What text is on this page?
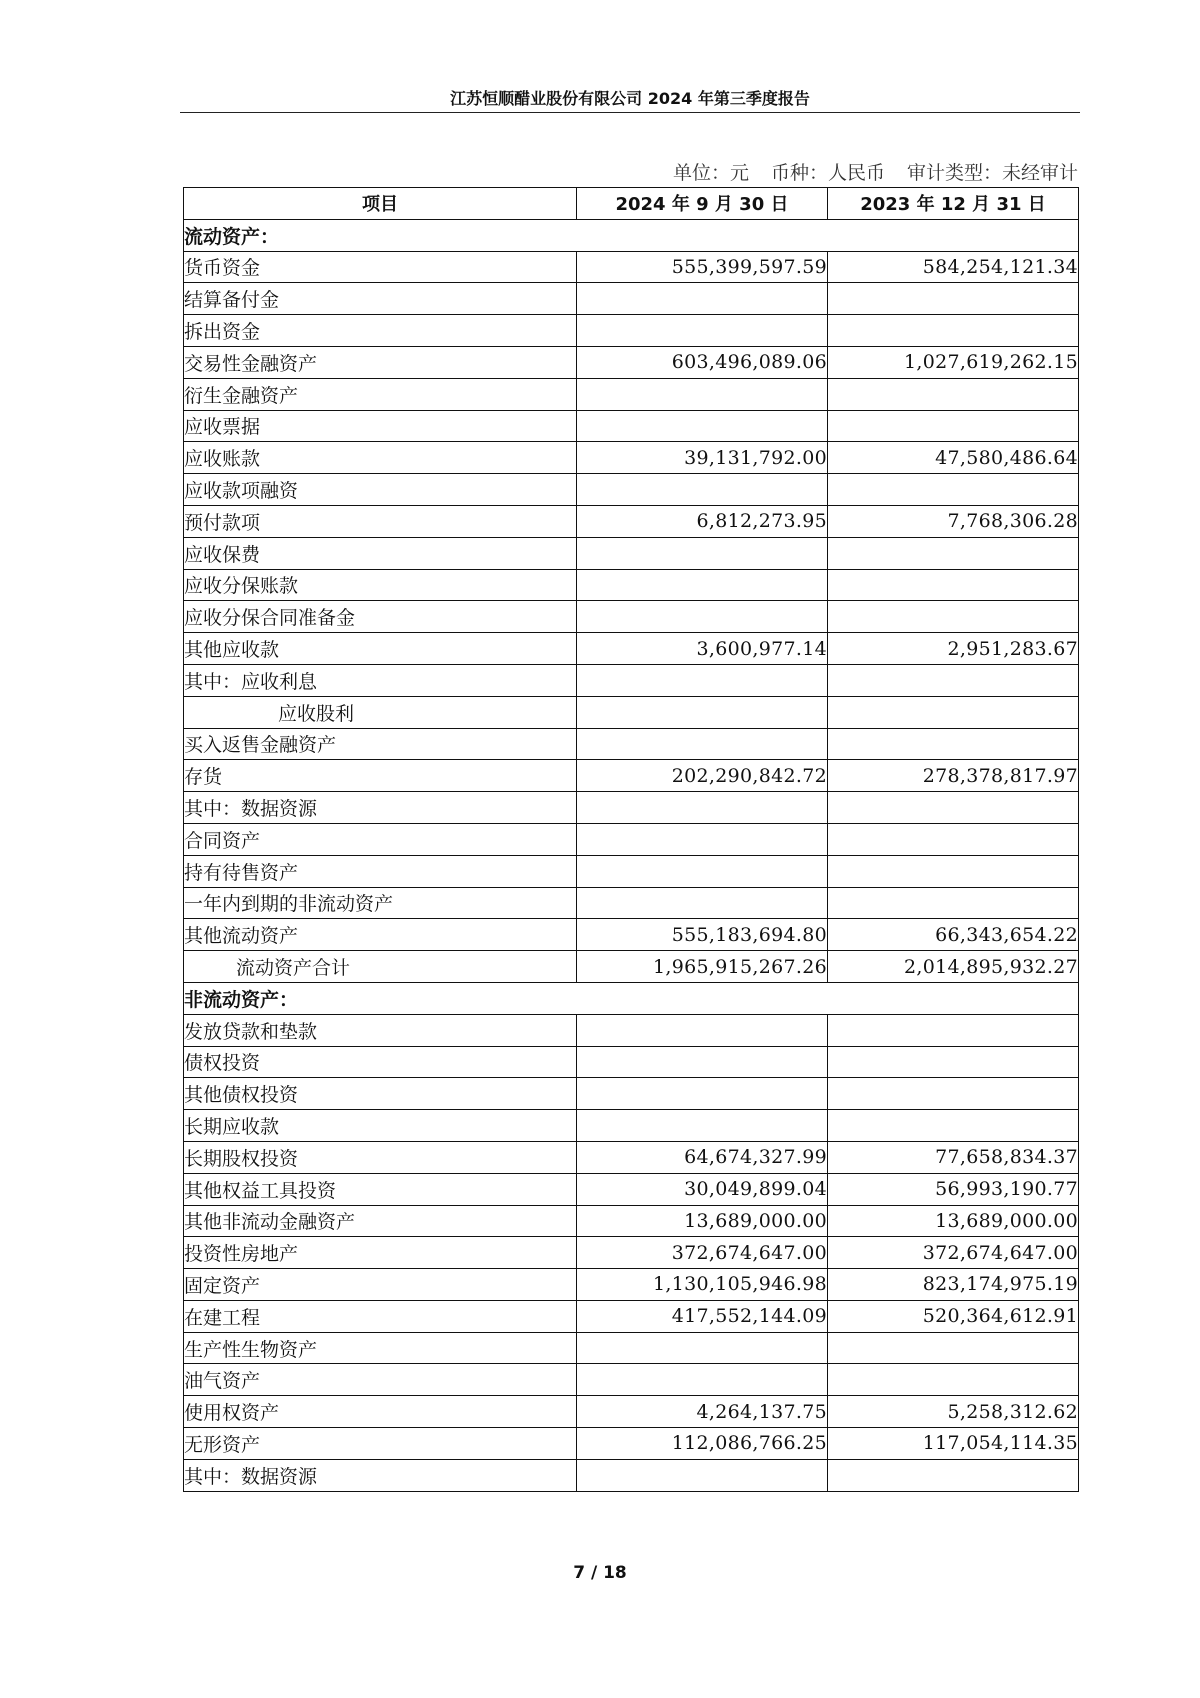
江苏恒顺醋业股份有限公司 2024 年第三季度报告
单位：元 币种：人民币 审计类型：未经审计
项目	2024 年 9 月 30 日	2023 年 12 月 31 日
流动资产：		
货币资金	555,399,597.59	584,254,121.34
结算备付金		
拆出资金		
交易性金融资产	603,496,089.06	1,027,619,262.15
衍生金融资产		
应收票据		
应收账款	39,131,792.00	47,580,486.64
应收款项融资		
预付款项	6,812,273.95	7,768,306.28
应收保费		
应收分保账款		
应收分保合同准备金		
其他应收款	3,600,977.14	2,951,283.67
其中：应收利息		
应收股利		
买入返售金融资产		
存货	202,290,842.72	278,378,817.97
其中：数据资源		
合同资产		
持有待售资产		
一年内到期的非流动资产		
其他流动资产	555,183,694.80	66,343,654.22
流动资产合计	1,965,915,267.26	2,014,895,932.27
非流动资产：		
发放贷款和垫款		
债权投资		
其他债权投资		
长期应收款		
长期股权投资	64,674,327.99	77,658,834.37
其他权益工具投资	30,049,899.04	56,993,190.77
其他非流动金融资产	13,689,000.00	13,689,000.00
投资性房地产	372,674,647.00	372,674,647.00
固定资产	1,130,105,946.98	823,174,975.19
在建工程	417,552,144.09	520,364,612.91
生产性生物资产		
油气资产		
使用权资产	4,264,137.75	5,258,312.62
无形资产	112,086,766.25	117,054,114.35
其中：数据资源		
7 / 18
